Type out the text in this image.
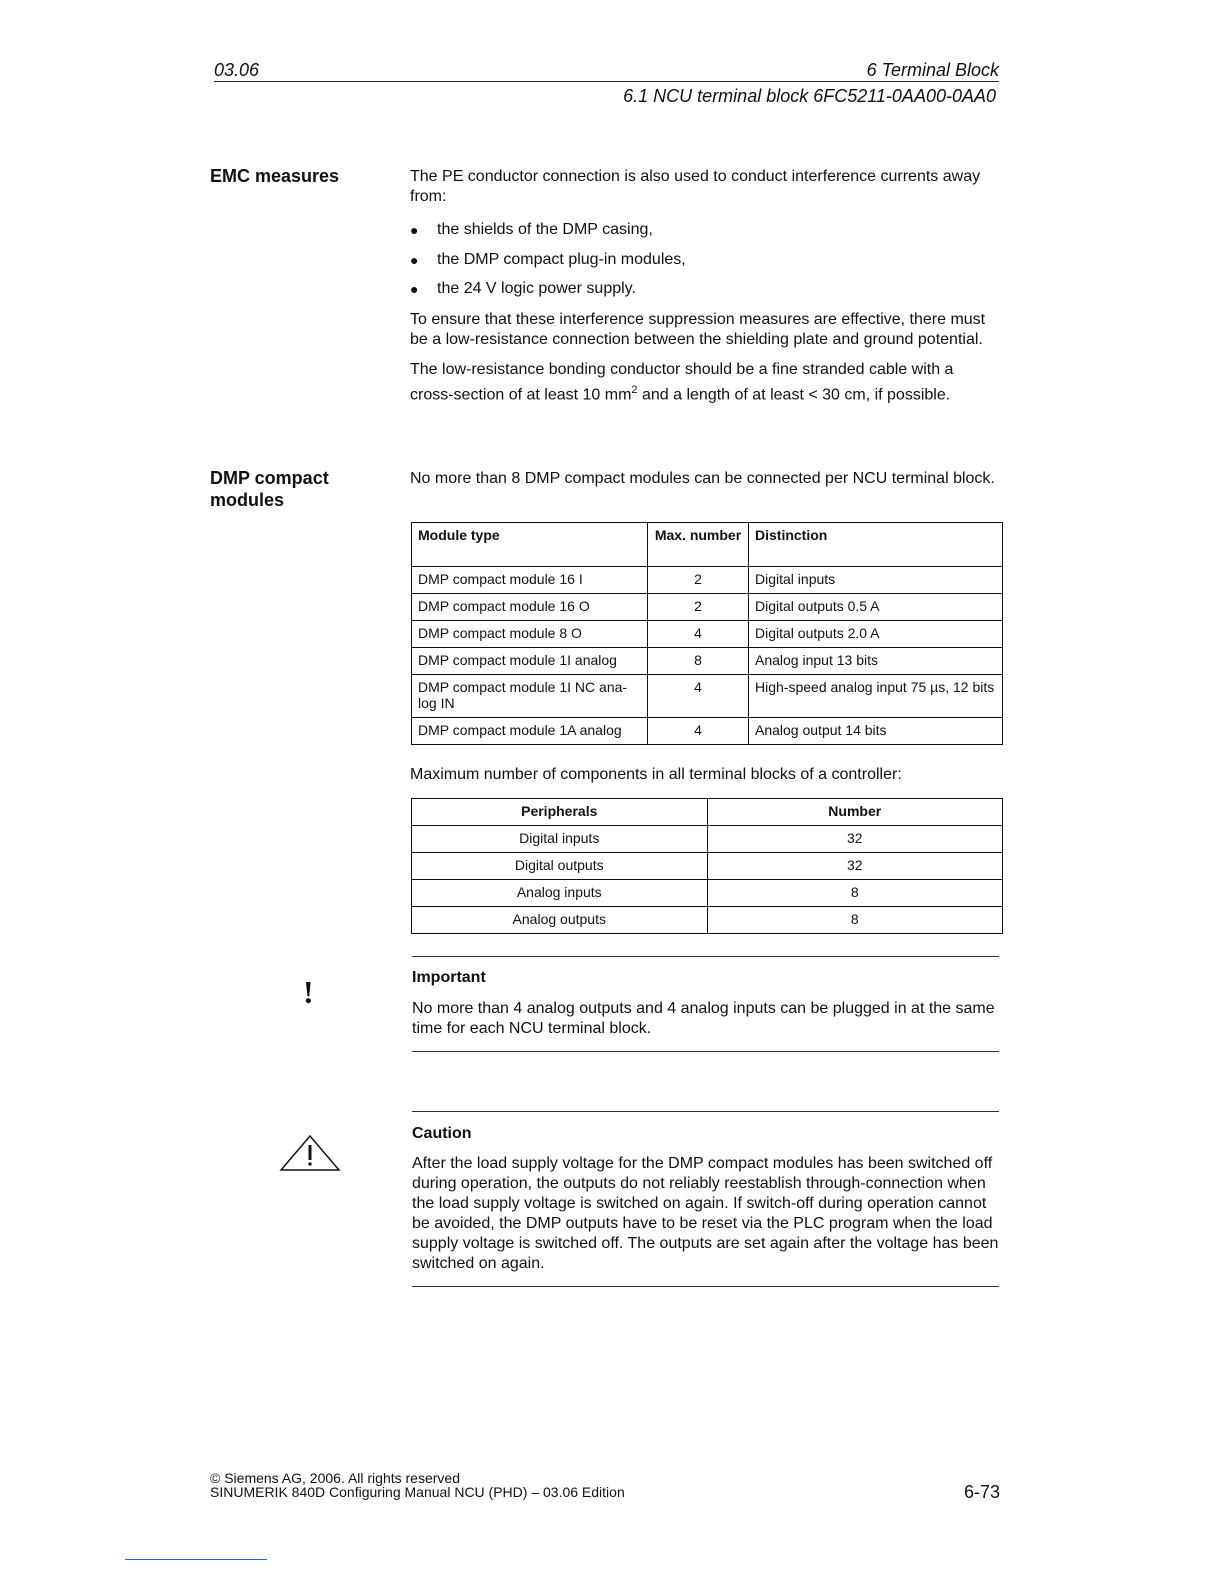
03.06	6 Terminal Block
6.1 NCU terminal block 6FC5211-0AA00-0AA0
EMC measures	The PE conductor connection is also used to conduct interference currents away from:

● the shields of the DMP casing,
● the DMP compact plug-in modules,
● the 24 V logic power supply.

To ensure that these interference suppression measures are effective, there must be a low-resistance connection between the shielding plate and ground potential.

The low-resistance bonding conductor should be a fine stranded cable with a cross-section of at least 10 $mm^2$ and a length of at least < 30 cm, if possible.

DMP compact
modules
No more than 8 DMP compact modules can be connected per NCU terminal block.
Module type	Max. number	Distinction
DMP compact module 16 I	2	Digital inputs
DMP compact module 16 O	2	Digital outputs 0.5 A
DMP compact module 8 O	4	Digital outputs 2.0 A
DMP compact module 1I analog	8	Analog input 13 bits
DMP compact module 1I NC ana-log IN	4	High-speed analog input 75 µs, 12 bits
DMP compact module 1A analog	4	Analog output 14 bits
Maximum number of components in all terminal blocks of a controller:
Peripherals	Number
Digital inputs	32
Digital outputs	32
Analog inputs	8
Analog outputs	8
!	Important
No more than 4 analog outputs and 4 analog inputs can be plugged in at the same time for each NCU terminal block.
Caution
After the load supply voltage for the DMP compact modules has been switched off during operation, the outputs do not reliably reestablish through-connection when the load supply voltage is switched on again. If switch-off during operation cannot be avoided, the DMP outputs have to be reset via the PLC program when the load supply voltage is switched off. The outputs are set again after the voltage has been switched on again.
© Siemens AG, 2006. All rights reserved
SINUMERIK 840D Configuring Manual NCU (PHD) – 03.06 Edition	6-73
